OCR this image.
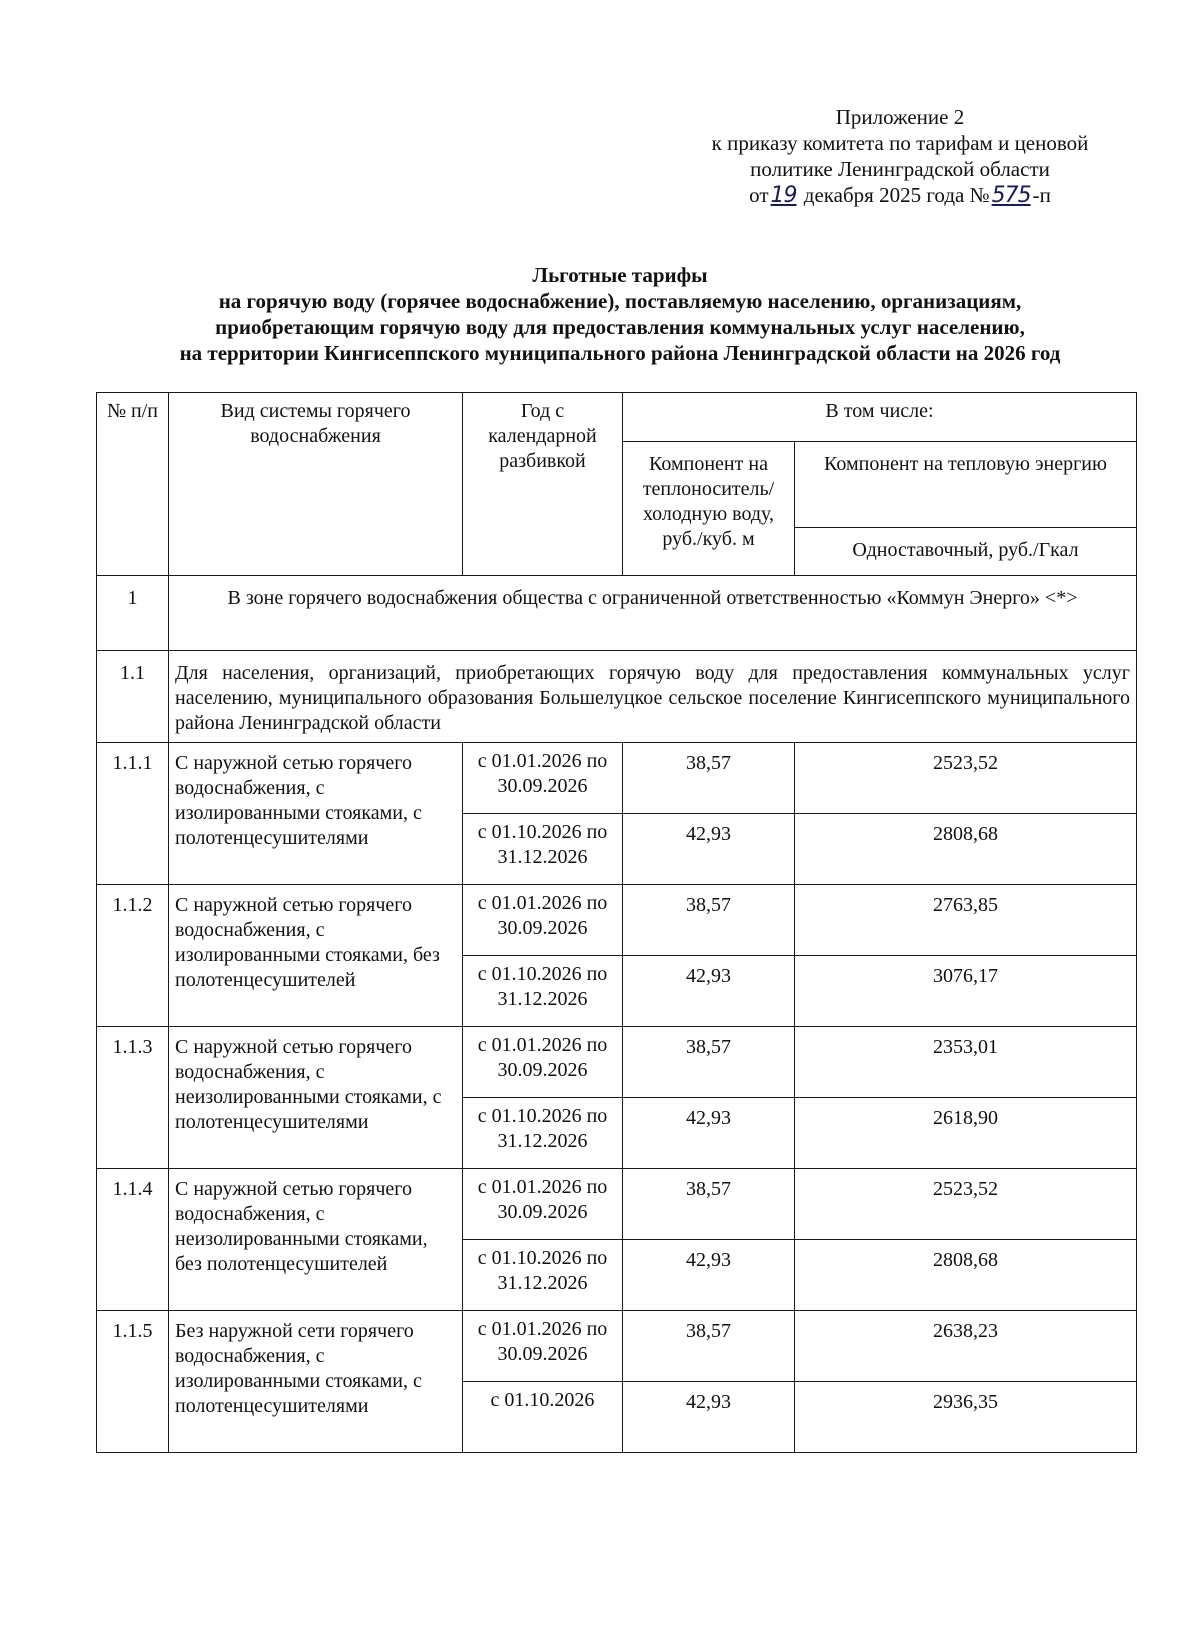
Приложение 2
к приказу комитета по тарифам и ценовой
политике Ленинградской области
от19 декабря 2025 года №575-п
Льготные тарифы
на горячую воду (горячее водоснабжение), поставляемую населению, организациям,
приобретающим горячую воду для предоставления коммунальных услуг населению,
на территории Кингисеппского муниципального района Ленинградской области на 2026 год
№ п/п	Вид системы горячего водоснабжения	Год с календарной разбивкой	В том числе:	
			Компонент на теплоноситель/ холодную воду, руб./куб. м	Компонент на тепловую энергию
				Одноставочный, руб./Гкал
1	В зоне горячего водоснабжения общества с ограниченной ответственностью «Коммун Энерго» <*>			
1.1	Для населения, организаций, приобретающих горячую воду для предоставления коммунальных услуг населению, муниципального образования Большелуцкое сельское поселение Кингисеппского муниципального района Ленинградской области			
1.1.1	С наружной сетью горячего водоснабжения, с изолированными стояками, с полотенцесушителями	с 01.01.2026 по 30.09.2026	38,57	2523,52
		с 01.10.2026 по 31.12.2026	42,93	2808,68
1.1.2	С наружной сетью горячего водоснабжения, с изолированными стояками, без полотенцесушителей	с 01.01.2026 по 30.09.2026	38,57	2763,85
		с 01.10.2026 по 31.12.2026	42,93	3076,17
1.1.3	С наружной сетью горячего водоснабжения, с неизолированными стояками, с полотенцесушителями	с 01.01.2026 по 30.09.2026	38,57	2353,01
		с 01.10.2026 по 31.12.2026	42,93	2618,90
1.1.4	С наружной сетью горячего водоснабжения, с неизолированными стояками, без полотенцесушителей	с 01.01.2026 по 30.09.2026	38,57	2523,52
		с 01.10.2026 по 31.12.2026	42,93	2808,68
1.1.5	Без наружной сети горячего водоснабжения, с изолированными стояками, с полотенцесушителями	с 01.01.2026 по 30.09.2026	38,57	2638,23
		с 01.10.2026	42,93	2936,35
